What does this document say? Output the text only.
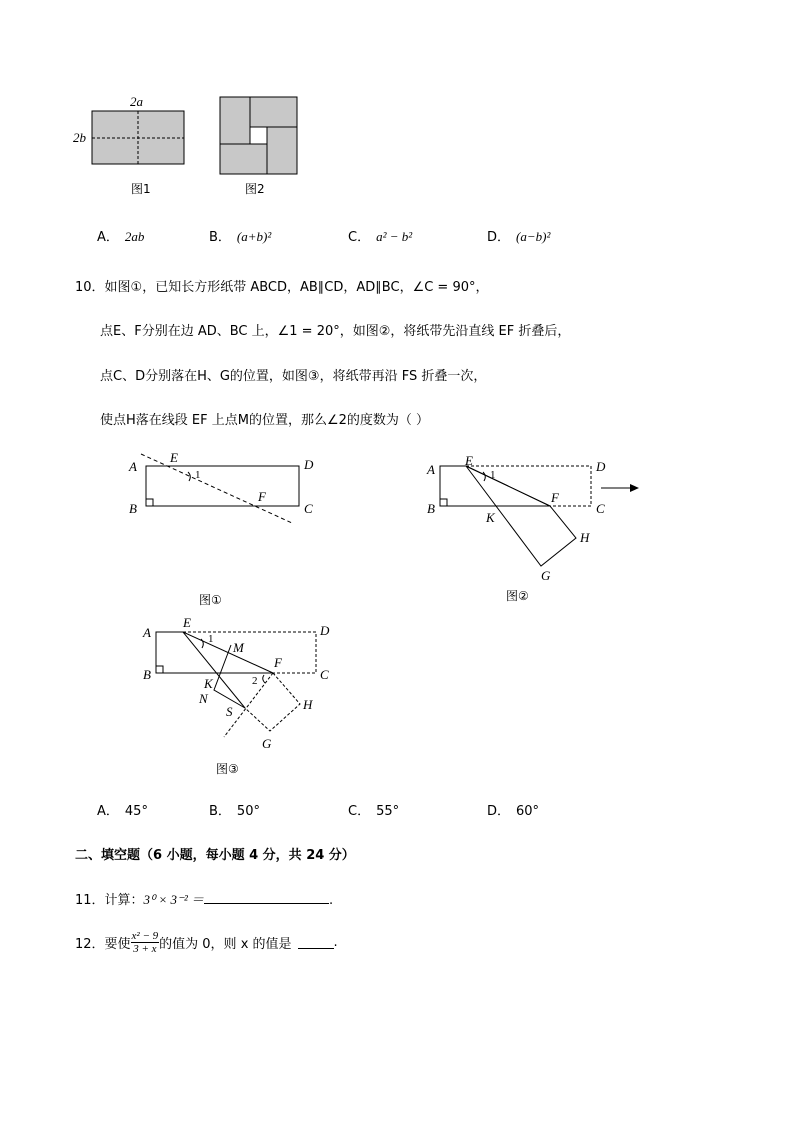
2a
2b
图1	图2
A． 2ab	B． (a+b)²	C． a² − b²	D． (a−b)²
10．如图①，已知长方形纸带 ABCD，AB∥CD，AD∥BC，∠C = 90°，
点E、F分别在边 AD、BC 上，∠1 = 20°，如图②，将纸带先沿直线 EF 折叠后，
点C、D分别落在H、G的位置，如图③，将纸带再沿 FS 折叠一次，
使点H落在线段 EF 上点M的位置，那么∠2的度数为（ ）
A
B	C
D
E
F
1
图①
A
B	C
D
E
F
K
H
G
1
图②
A
B	C
D
E
F
M
K
N
S	H
G
1
2
图③
A． 45°	B． 50°	C． 55°	D． 60°
二、填空题（6 小题，每小题 4 分，共 24 分）
11．计算：3⁰ × 3⁻² ＝	.
12．要使 $\frac{\text{x² − 9}}{3 + x}$ 的值为 0，则 x 的值是	.
